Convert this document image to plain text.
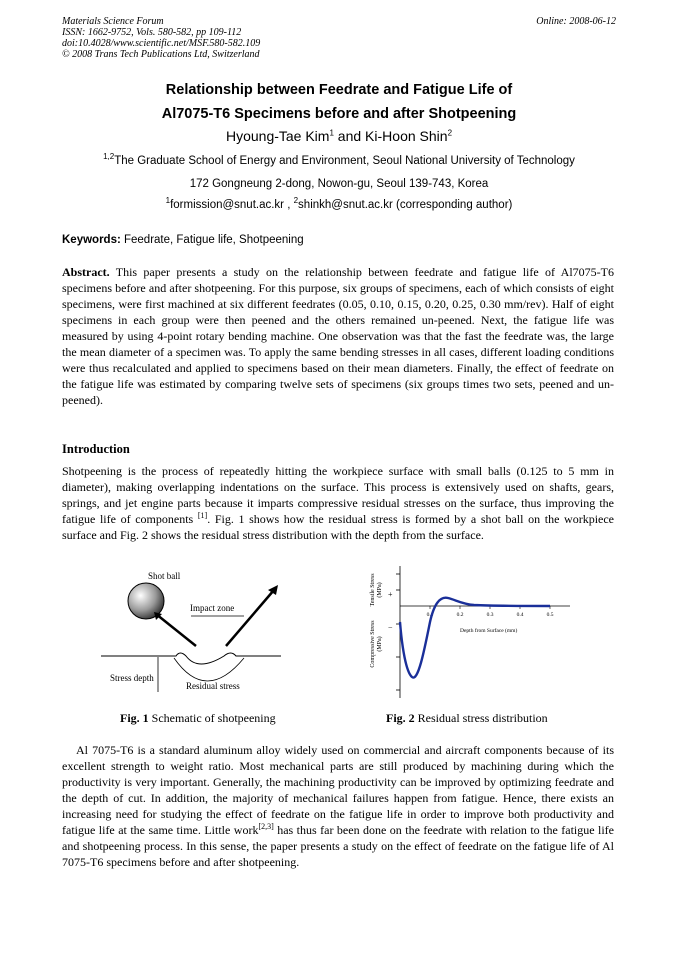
Materials Science Forum
ISSN: 1662-9752, Vols. 580-582, pp 109-112
doi:10.4028/www.scientific.net/MSF.580-582.109
© 2008 Trans Tech Publications Ltd, Switzerland
Online: 2008-06-12
Relationship between Feedrate and Fatigue Life of
Al7075-T6 Specimens before and after Shotpeening
Hyoung-Tae Kim$^1$ and Ki-Hoon Shin$^2$
$^{1,2}$The Graduate School of Energy and Environment, Seoul National University of Technology
172 Gongneung 2-dong, Nowon-gu, Seoul 139-743, Korea
$^1$formission@snut.ac.kr , $^2$shinkh@snut.ac.kr (corresponding author)
Keywords: Feedrate, Fatigue life, Shotpeening
Abstract. This paper presents a study on the relationship between feedrate and fatigue life of Al7075-T6 specimens before and after shotpeening. For this purpose, six groups of specimens, each of which consists of eight specimens, were first machined at six different feedrates (0.05, 0.10, 0.15, 0.20, 0.25, 0.30 mm/rev). Half of eight specimens in each group were then peened and the others remained un-peened. Next, the fatigue life was measured by using 4-point rotary bending machine. One observation was that the fast the feedrate was, the large the mean diameter of a specimen was. To apply the same bending stresses in all cases, different loading conditions were thus recalculated and applied to specimens based on their mean diameters. Finally, the effect of feedrate on the fatigue life was estimated by comparing twelve sets of specimens (six groups times two sets, peened and un-peened).
Introduction
Shotpeening is the process of repeatedly hitting the workpiece surface with small balls (0.125 to 5 mm in diameter), making overlapping indentations on the surface. This process is extensively used on shafts, gears, springs, and jet engine parts because it imparts compressive residual stresses on the surface, thus improving the fatigue life of components [1]. Fig. 1 shows how the residual stress is formed by a shot ball on the workpiece surface and Fig. 2 shows the residual stress distribution with the depth from the surface.
Shot ball
Impact zone
Stress depth
Residual stress
Fig. 1 Schematic of shotpeening
Tensile Stress (MPa)
Compressive Stress (MPa)
+
−
0.1	0.2	0.3	0.4	0.5
Depth from Surface (mm)
Fig. 2 Residual stress distribution
Al 7075-T6 is a standard aluminum alloy widely used on commercial and aircraft components because of its excellent strength to weight ratio. Most mechanical parts are still produced by machining during which the productivity is very important. Generally, the machining productivity can be improved by optimizing feedrate and the depth of cut. In addition, the majority of mechanical failures happen from fatigue. Hence, there exists an increasing need for studying the effect of feedrate on the fatigue life in order to improve both productivity and fatigue life at the same time. Little work[2,3] has thus far been done on the feedrate with relation to the fatigue life and shotpeening process. In this sense, the paper presents a study on the effect of feedrate on the fatigue life of Al 7075-T6 specimens before and after shotpeening.
